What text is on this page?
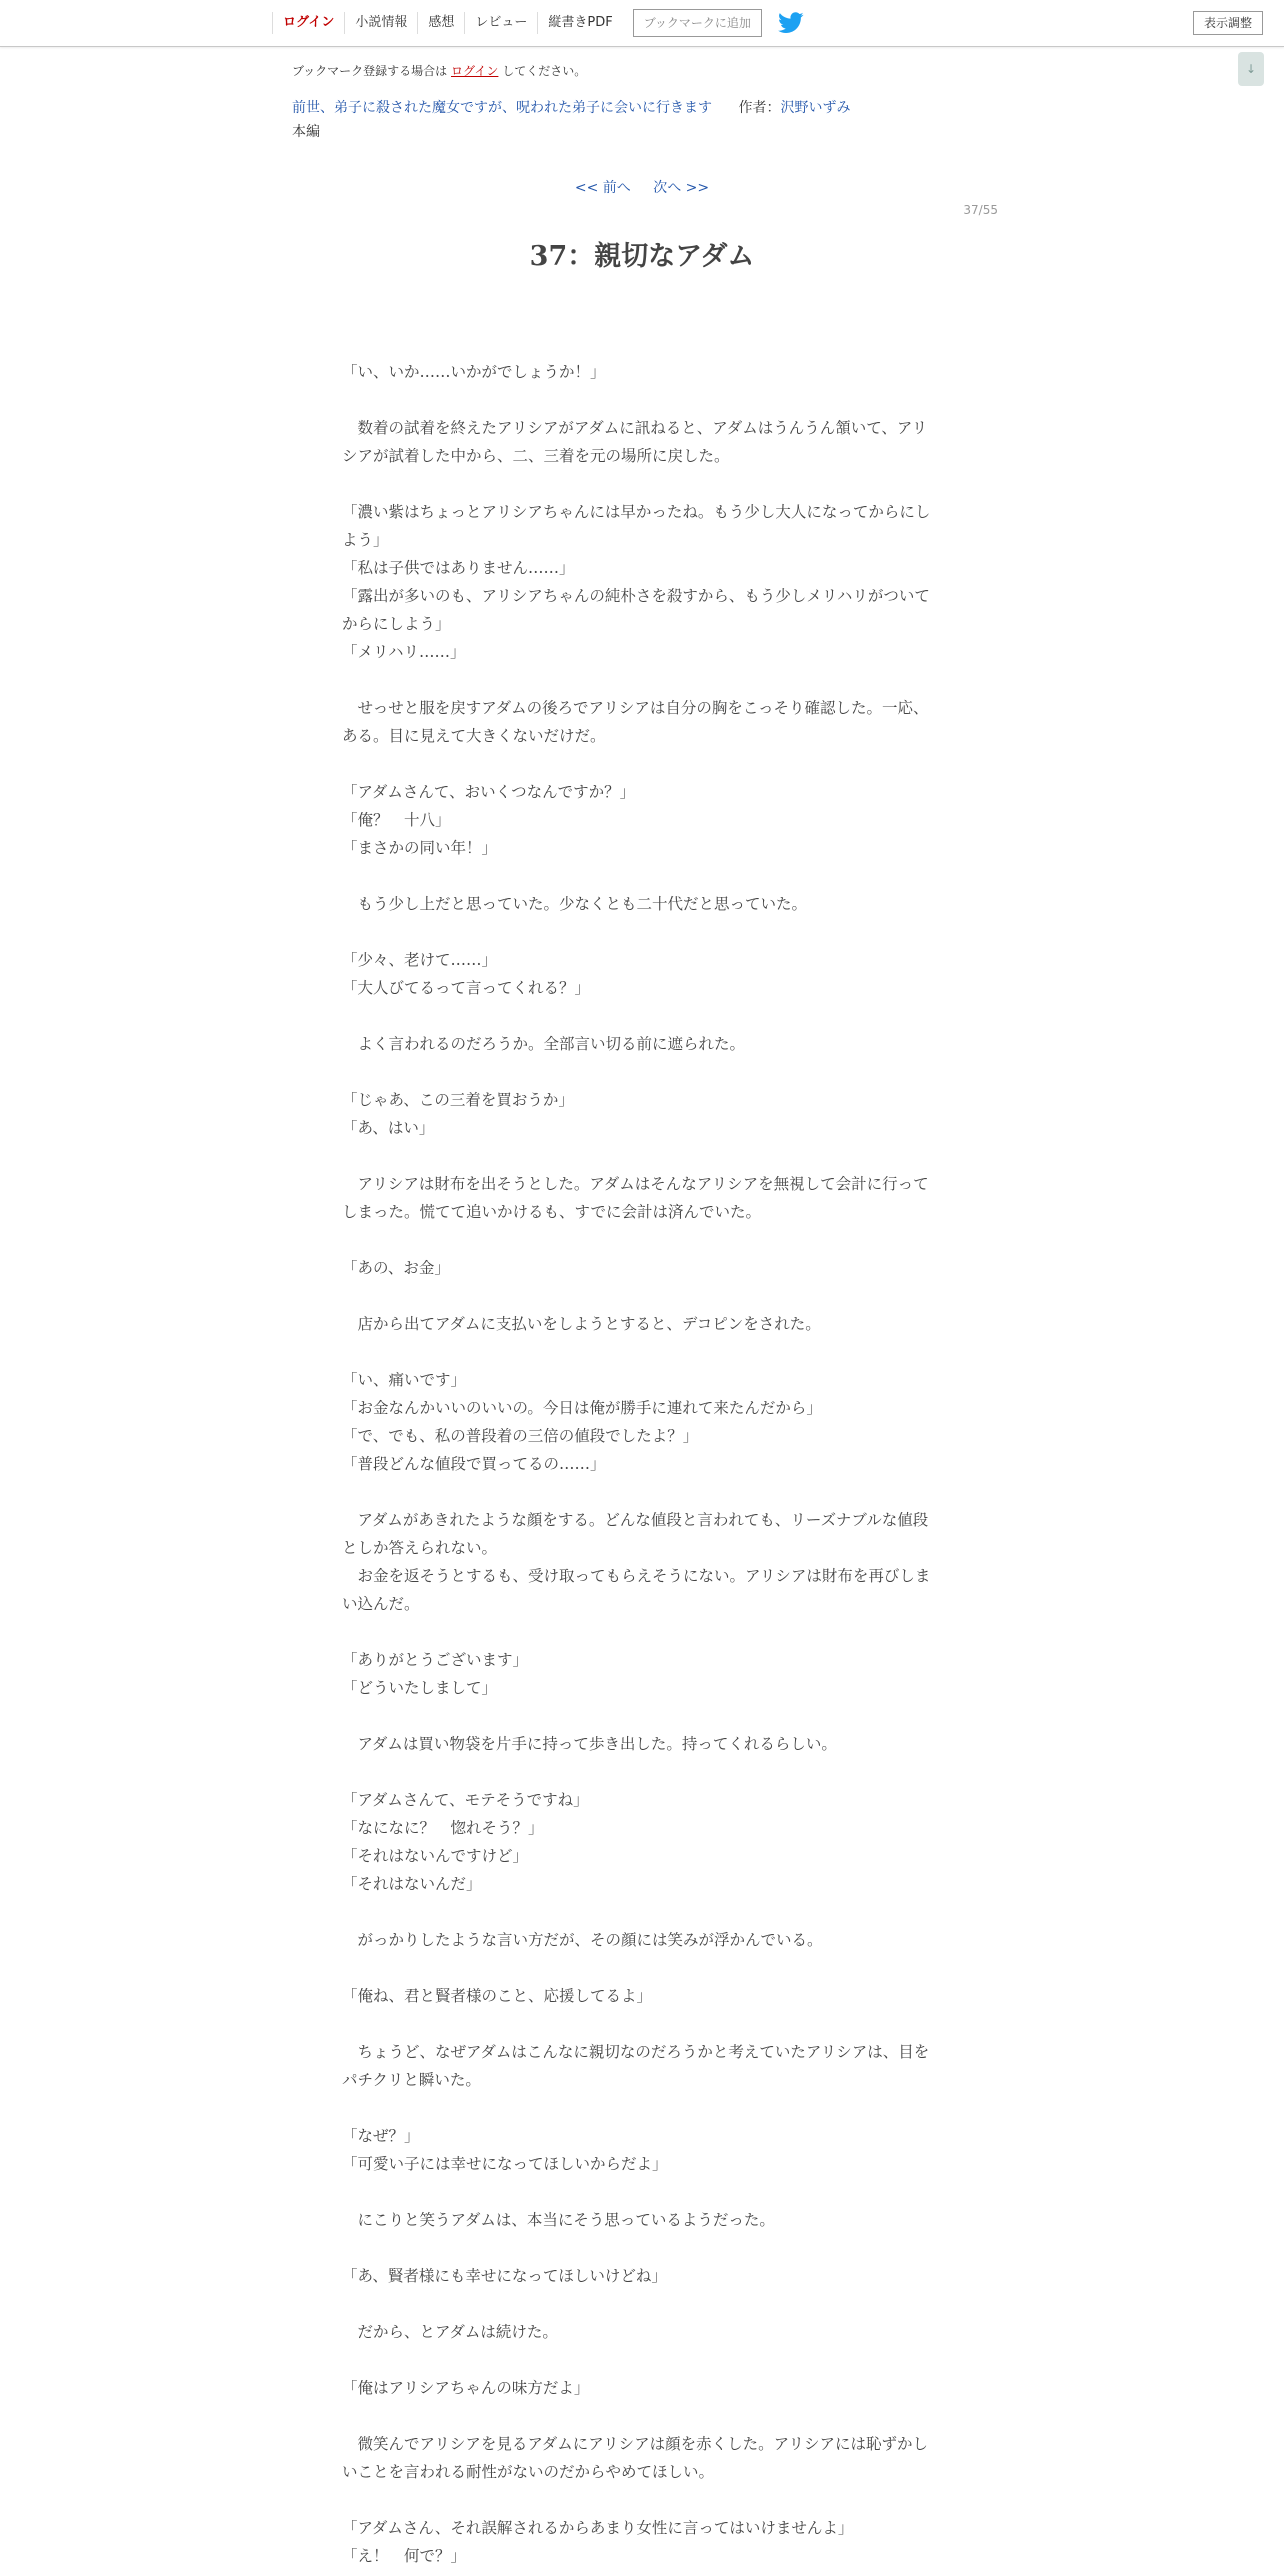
ログイン	小説情報	感想	レビュー	縦書きPDF	ブックマークに追加	表示調整
↓
ブックマーク登録する場合は ログイン してください。
前世、弟子に殺された魔女ですが、呪われた弟子に会いに行きます 作者：沢野いずみ
本編
<< 前へ 次へ >>
37/55
37：親切なアダム

「い、いか……いかがでしょうか！」

　数着の試着を終えたアリシアがアダムに訊ねると、アダムはうんうん頷いて、アリシアが試着した中から、二、三着を元の場所に戻した。

「濃い紫はちょっとアリシアちゃんには早かったね。もう少し大人になってからにしよう」

「私は子供ではありません……」

「露出が多いのも、アリシアちゃんの純朴さを殺すから、もう少しメリハリがついてからにしよう」

「メリハリ……」

　せっせと服を戻すアダムの後ろでアリシアは自分の胸をこっそり確認した。一応、ある。目に見えて大きくないだけだ。

「アダムさんて、おいくつなんですか？」

「俺？　十八」

「まさかの同い年！」

　もう少し上だと思っていた。少なくとも二十代だと思っていた。

「少々、老けて……」

「大人びてるって言ってくれる？」

　よく言われるのだろうか。全部言い切る前に遮られた。

「じゃあ、この三着を買おうか」

「あ、はい」

　アリシアは財布を出そうとした。アダムはそんなアリシアを無視して会計に行ってしまった。慌てて追いかけるも、すでに会計は済んでいた。

「あの、お金」

　店から出てアダムに支払いをしようとすると、デコピンをされた。

「い、痛いです」

「お金なんかいいのいいの。今日は俺が勝手に連れて来たんだから」

「で、でも、私の普段着の三倍の値段でしたよ？」

「普段どんな値段で買ってるの……」

　アダムがあきれたような顔をする。どんな値段と言われても、リーズナブルな値段としか答えられない。

　お金を返そうとするも、受け取ってもらえそうにない。アリシアは財布を再びしまい込んだ。

「ありがとうございます」

「どういたしまして」

　アダムは買い物袋を片手に持って歩き出した。持ってくれるらしい。

「アダムさんて、モテそうですね」

「なになに？　惚れそう？」

「それはないんですけど」

「それはないんだ」

　がっかりしたような言い方だが、その顔には笑みが浮かんでいる。

「俺ね、君と賢者様のこと、応援してるよ」

　ちょうど、なぜアダムはこんなに親切なのだろうかと考えていたアリシアは、目をパチクリと瞬いた。

「なぜ？」

「可愛い子には幸せになってほしいからだよ」

　にこりと笑うアダムは、本当にそう思っているようだった。

「あ、賢者様にも幸せになってほしいけどね」

　だから、とアダムは続けた。

「俺はアリシアちゃんの味方だよ」

　微笑んでアリシアを見るアダムにアリシアは顔を赤くした。アリシアには恥ずかしいことを言われる耐性がないのだからやめてほしい。

「アダムさん、それ誤解されるからあまり女性に言ってはいけませんよ」

「え！　何で？」
